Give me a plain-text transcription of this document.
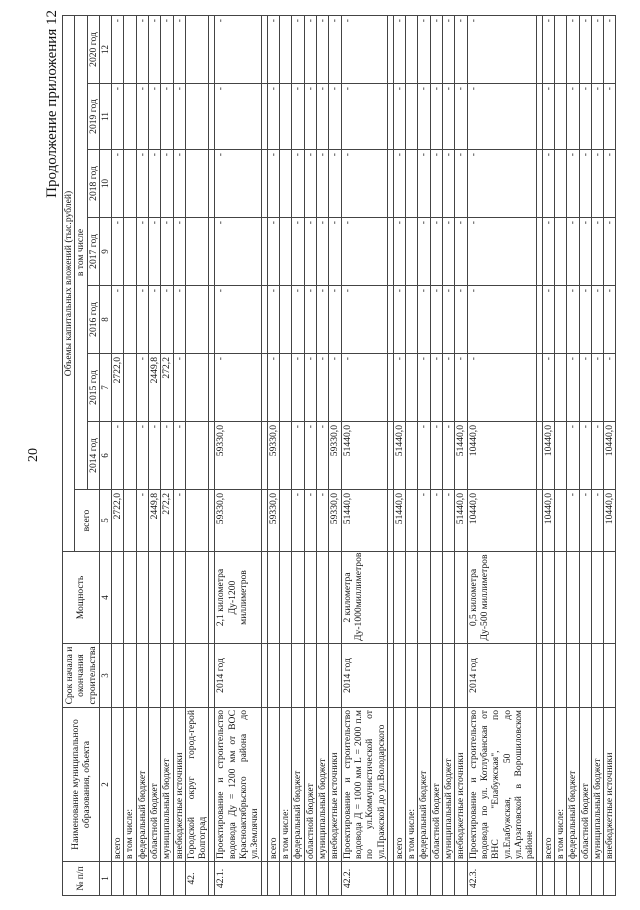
20
Продолжение приложения 12
№ п/п	Наименование муниципального образования, объекта	Срок начала и окончания строительства	Мощность	Объемы капитальных вложений (тыс.рублей)							
				всего	в том числе						
					2014 год	2015 год	2016 год	2017 год	2018 год	2019 год	2020 год
1	2	3	4	5	6	7	8	9	10	11	12
	всего			2722,0	-	2722,0	-	-	-	-	-
	в том числе:										
	федеральный бюджет			-	-	-	-	-	-	-	-
	областной бюджет			2449,8	-	2449,8	-	-	-	-	-
	муниципальный бюджет			272,2	-	272,2	-	-	-	-	-
	внебюджетные источники			-	-	-	-	-	-	-	-
42.	Городской округ город-герой Волгоград										

42.1.	Проектирование и строительство водовода Ду = 1200 мм от ВОС Красноактябрьского района до ул.Землячки	2014 год	2,1 километра Ду-1200 миллиметров	59330,0	59330,0	-	-	-	-	-	-

	всего			59330,0	59330,0	-	-	-	-	-	-
	в том числе:										
	федеральный бюджет			-	-	-	-	-	-	-	-
	областной бюджет			-	-	-	-	-	-	-	-
	муниципальный бюджет			-	-	-	-	-	-	-	-
	внебюджетные источники			59330,0	59330,0	-	-	-	-	-	-
42.2.	Проектирование и строительство водовода Д = 1000 мм L = 2000 п.м по ул.Коммунистической от ул.Пражской до ул.Володарского	2014 год	2 километра Ду-1000миллиметров	51440,0	51440,0	-	-	-	-	-	-

	всего			51440,0	51440,0	-	-	-	-	-	-
	в том числе:										
	федеральный бюджет			-	-	-	-	-	-	-	-
	областной бюджет			-	-	-	-	-	-	-	-
	муниципальный бюджет			-	-	-	-	-	-	-	-
	внебюджетные источники			51440,0	51440,0	-	-	-	-	-	-
42.3.	Проектирование и строительство водовода по ул. Котлубанская от ВНС "Елабужская", по ул.Елабужская, 50 до ул.Арзатовской в Ворошиловском районе	2014 год	0,5 километра Ду-500 миллиметров	10440,0	10440,0	-	-	-	-	-	-

	всего			10440,0	10440,0	-	-	-	-	-	-
	в том числе:										
	федеральный бюджет			-	-	-	-	-	-	-	-
	областной бюджет			-	-	-	-	-	-	-	-
	муниципальный бюджет			-	-	-	-	-	-	-	-
	внебюджетные источники			10440,0	10440,0	-	-	-	-	-	-
